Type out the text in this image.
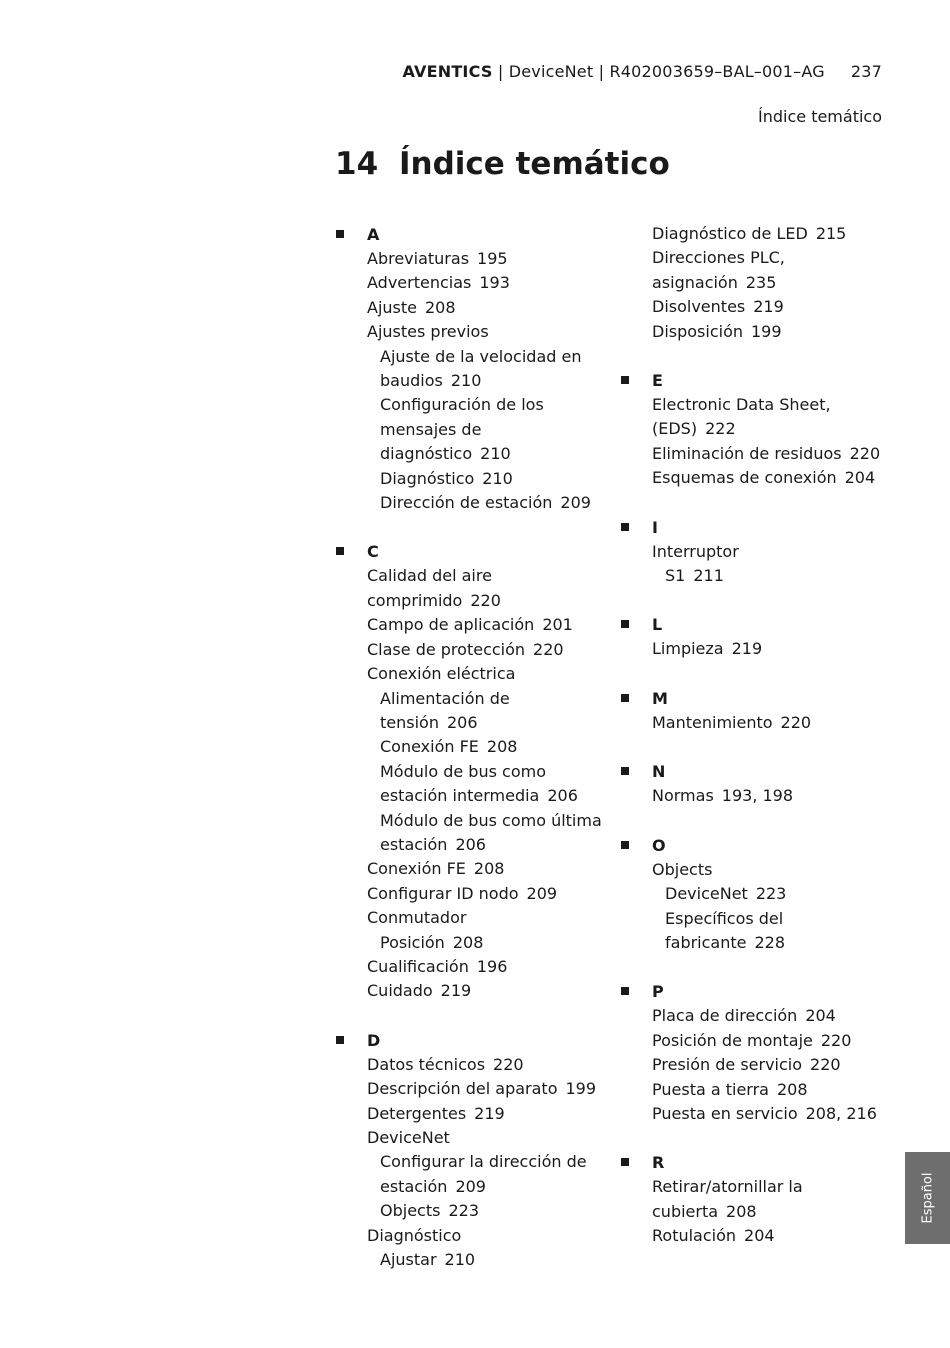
AVENTICS | DeviceNet | R402003659–BAL–001–AG 237
Índice temático
14 Índice temático
A
Abreviaturas 195
Advertencias 193
Ajuste 208
Ajustes previos
Ajuste de la velocidad en
baudios 210
Configuración de los
mensajes de
diagnóstico 210
Diagnóstico 210
Dirección de estación 209
C
Calidad del aire
comprimido 220
Campo de aplicación 201
Clase de protección 220
Conexión eléctrica
Alimentación de
tensión 206
Conexión FE 208
Módulo de bus como
estación intermedia 206
Módulo de bus como última
estación 206
Conexión FE 208
Configurar ID nodo 209
Conmutador
Posición 208
Cualificación 196
Cuidado 219
D
Datos técnicos 220
Descripción del aparato 199
Detergentes 219
DeviceNet
Configurar la dirección de
estación 209
Objects 223
Diagnóstico
Ajustar 210
Diagnóstico de LED 215
Direcciones PLC,
asignación 235
Disolventes 219
Disposición 199
E
Electronic Data Sheet,
(EDS) 222
Eliminación de residuos 220
Esquemas de conexión 204
I
Interruptor
S1 211
L
Limpieza 219
M
Mantenimiento 220
N
Normas 193, 198
O
Objects
DeviceNet 223
Específicos del
fabricante 228
P
Placa de dirección 204
Posición de montaje 220
Presión de servicio 220
Puesta a tierra 208
Puesta en servicio 208, 216
R
Retirar/atornillar la
cubierta 208
Rotulación 204
Español
